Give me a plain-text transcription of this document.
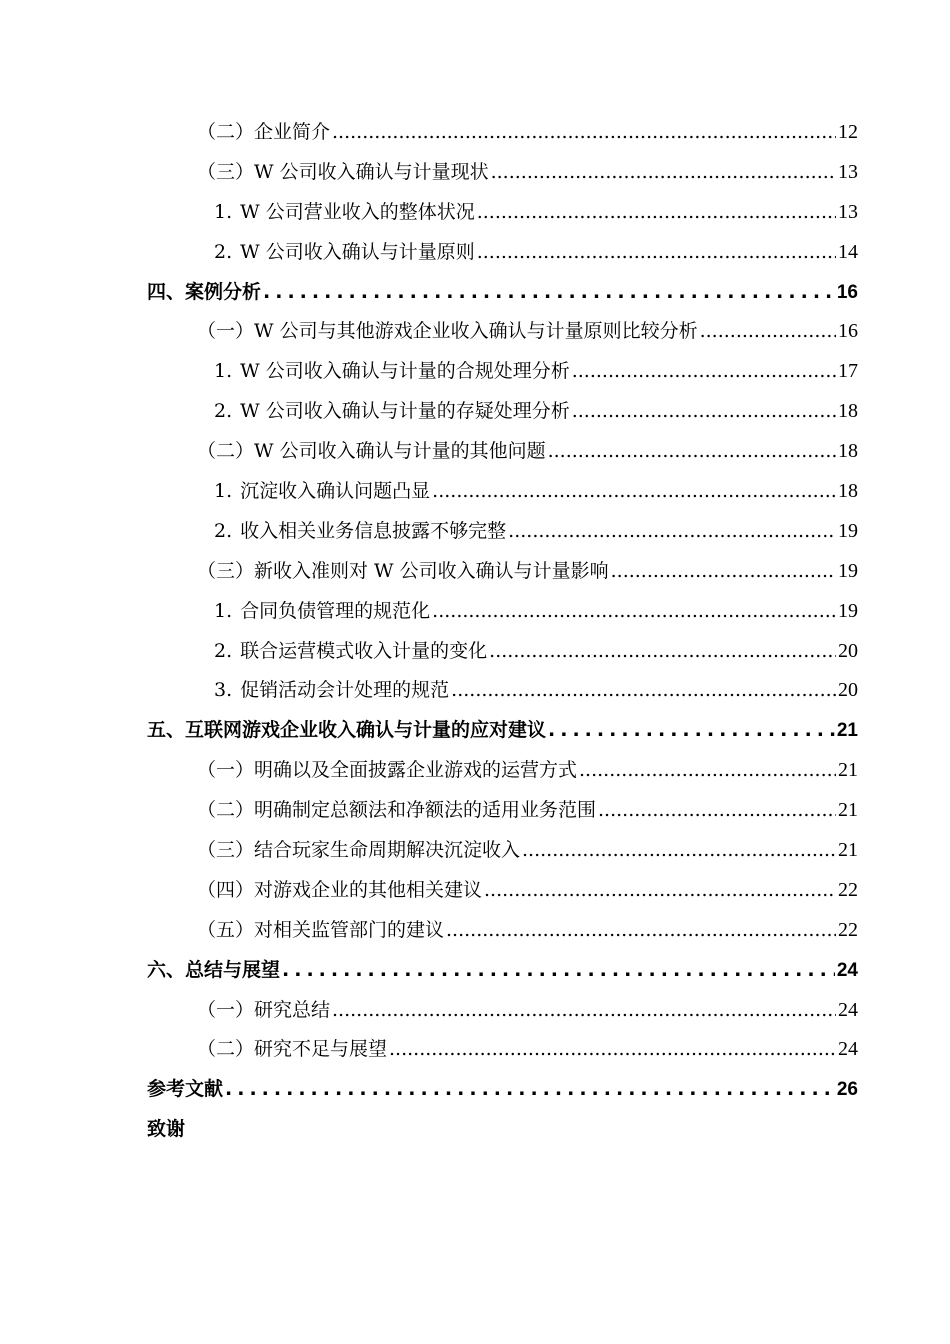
（二）企业简介 .....	12
（三）W 公司收入确认与计量现状 .....	13
1. W 公司营业收入的整体状况 .....	13
2. W 公司收入确认与计量原则 .....	14
四、案例分析 .....	16
（一）W 公司与其他游戏企业收入确认与计量原则比较分析 .....	16
1. W 公司收入确认与计量的合规处理分析 .....	17
2. W 公司收入确认与计量的存疑处理分析 .....	18
（二）W 公司收入确认与计量的其他问题 .....	18
1. 沉淀收入确认问题凸显 .....	18
2. 收入相关业务信息披露不够完整 .....	19
（三）新收入准则对 W 公司收入确认与计量影响 .....	19
1. 合同负债管理的规范化 .....	19
2. 联合运营模式收入计量的变化 .....	20
3. 促销活动会计处理的规范 .....	20
五、互联网游戏企业收入确认与计量的应对建议 .....	21
（一）明确以及全面披露企业游戏的运营方式 .....	21
（二）明确制定总额法和净额法的适用业务范围 .....	21
（三）结合玩家生命周期解决沉淀收入 .....	21
（四）对游戏企业的其他相关建议 .....	22
（五）对相关监管部门的建议 .....	22
六、总结与展望 .....	24
（一）研究总结 .....	24
（二）研究不足与展望 .....	24
参考文献 .....	26
致谢
